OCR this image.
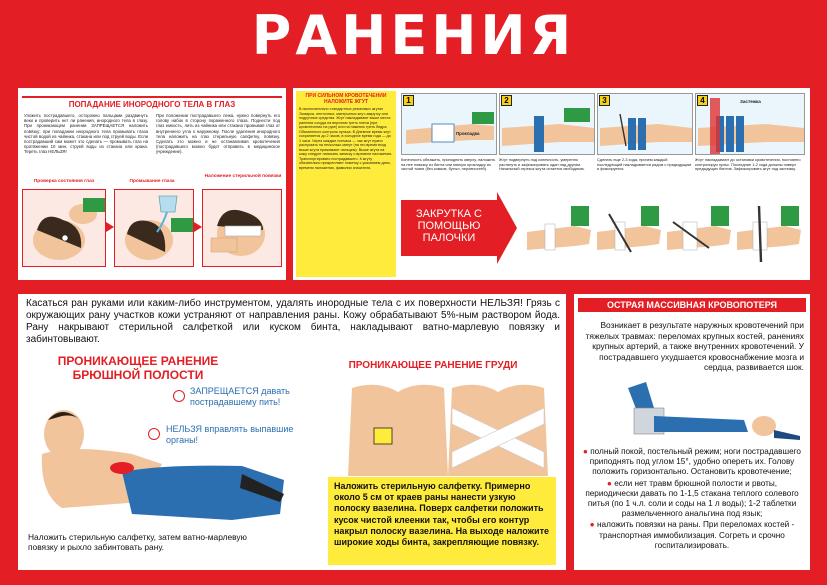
РАНЕНИЯ
ПОПАДАНИЕ ИНОРОДНОГО ТЕЛА В ГЛАЗ
Уложить пострадавшего, осторожно пальцами раздвинуть веки и проверить нет ли ранения, инородного тела в глазу. При проникающем ранении ЗАПРЕЩАЕТСЯ наложить повязку; при попадании инородного тела промывать глаза чистой водой из чайника, стакана или под струей воды. Если пострадавший сам может это сделать — промывать глаз на протяжении 10 мин, струей воды из стакана или крана. Тереть глаз НЕЛЬЗЯ!
При положении пострадавшего лежа, нужно повернуть его голову набок в сторону пораженного глаза. Поднести под глаз емкость, лить из чайника или стакана промывая глаз от внутреннего угла к наружному. После удаления инородного тела наложить на глаз стерильную салфетку, повязку. Сделать это можно и не останавливая кровотечения (пострадавшего можно будет отправить в медицинское учреждение).
Проверка состояния глаз	Промывание глаза
Наложение стерильной повязки
ПРИ СИЛЬНОМ КРОВОТЕЧЕНИИ НАЛОЖИТЕ ЖГУТ
В исключительно стандартных резиновых жгутах Эсмарха, ленточных, матерчатых жгут-закрутку или подручные средства. Жгут накладывают выше места ранения сосуда на верхнюю треть плеча (при кровотечении на руке) или на нижнюю треть бедра. Обязательно контроль пульса. В Дневное время жгут сохраняется до 2 часов, в холодное время года — до 1 часа. Через каждые полчаса — час жгут нужно распускать на несколько минут (на это время вход выше жгута прижимают пальцем). Выше жгута на кожу следует написать записку о времени наложения. Транспортировать пострадавшего. К жгуту обязательно прикрепляют пометку с указанием даты, времени наложения, фамилии спасателя.
1
Прокладка
2	3	4	Застежка
Конечность обнажить, приподнять кверху, наложить на нее повязку из бинта или мягкую прокладку из чистой ткани (без комков, бутыл, неровностей).
Жгут подвернуть под конечность, умеренно растянуть и зафиксировать один над другим. Начальный отрезок жгута остается свободным.
Сделать еще 2-3 хода, причем каждый последующий накладывается рядом с предыдущим и фиксируется.
Жгут накладывают до остановки кровотечения, постоянно контролируя пульс. Последние 1-2 хода должны поверх предыдущих бинтов. Зафиксировать жгут под застежку.
ЗАКРУТКА С ПОМОЩЬЮ ПАЛОЧКИ
Касаться ран руками или каким-либо инструментом, удалять инородные тела с их поверхности НЕЛЬЗЯ! Грязь с окружающих рану участков кожи устраняют от направления раны. Кожу обрабатывают 5%-ным раствором йода. Рану накрывают стерильной салфеткой или куском бинта, накладывают ватно-марлевую повязку и забинтовывают.
ПРОНИКАЮЩЕЕ РАНЕНИЕ БРЮШНОЙ ПОЛОСТИ
ЗАПРЕЩАЕТСЯ давать пострадавшему пить!
НЕЛЬЗЯ вправлять выпавшие органы!
Наложить стерильную салфетку, затем ватно-марлевую повязку и рыхло забинтовать рану.
ПРОНИКАЮЩЕЕ РАНЕНИЕ ГРУДИ
Наложить стерильную салфетку. Примерно около 5 см от краев раны нанести узкую полоску вазелина. Поверх салфетки положить кусок чистой клеенки так, чтобы его контур накрыл полоску вазелина. На выходе наложите широкие ходы бинта, закрепляющие повязку.
ОСТРАЯ МАССИВНАЯ КРОВОПОТЕРЯ
Возникает в результате наружных кровотечений при тяжелых травмах: переломах крупных костей, ранениях крупных артерий, а также внутренних кровотечений. У пострадавшего ухудшается кровоснабжение мозга и сердца, развивается шок.
● полный покой, постельный режим; ноги пострадавшего приподнять под углом 15°, удобно опереть их. Голову положить горизонтально. Остановить кровотечение;
● если нет травм брюшной полости и рвоты, периодически давать по 1-1,5 стакана теплого солевого питья (по 1 ч.л. соли и соды на 1 л воды); 1-2 таблетки размельченного анальгина под язык;
● наложить повязки на раны. При переломах костей - транспортная иммобилизация. Согреть и срочно госпитализировать.
